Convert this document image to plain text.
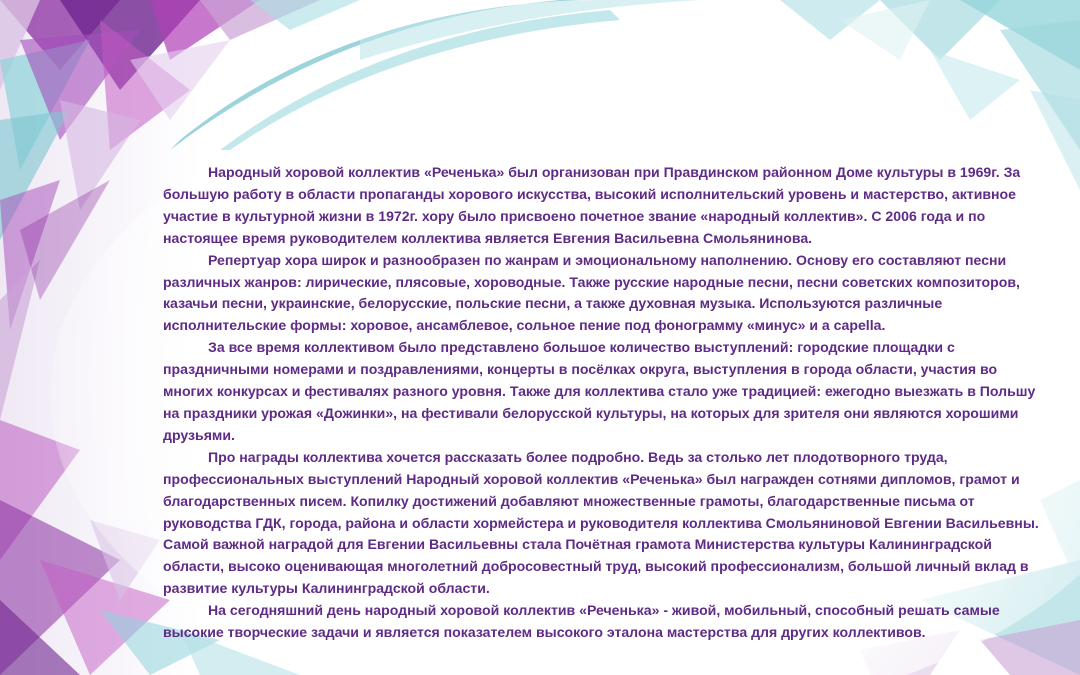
Народный хоровой коллектив «Реченька» был организован при Правдинском районном Доме культуры в 1969г. За большую работу в области пропаганды хорового искусства, высокий исполнительский уровень и мастерство, активное участие в культурной жизни в 1972г. хору было присвоено почетное звание «народный коллектив». С 2006 года и по настоящее время руководителем коллектива является Евгения Васильевна Смольянинова.

Репертуар хора широк и разнообразен по жанрам и эмоциональному наполнению. Основу его составляют песни различных жанров: лирические, плясовые, хороводные. Также русские народные песни, песни советских композиторов, казачьи песни, украинские, белорусские, польские песни, а также духовная музыка. Используются различные исполнительские формы: хоровое, ансамблевое, сольное пение под фонограмму «минус» и а capella.

За все время коллективом было представлено большое количество выступлений: городские площадки с праздничными номерами и поздравлениями, концерты в посёлках округа, выступления в города области, участия во многих конкурсах и фестивалях разного уровня. Также для коллектива стало уже традицией: ежегодно выезжать в Польшу на праздники урожая «Дожинки», на фестивали белорусской культуры, на которых для зрителя они являются хорошими друзьями.

Про награды коллектива хочется рассказать более подробно. Ведь за столько лет плодотворного труда, профессиональных выступлений Народный хоровой коллектив «Реченька» был награжден сотнями дипломов, грамот и благодарственных писем. Копилку достижений добавляют множественные грамоты, благодарственные письма от руководства ГДК, города, района и области хормейстера и руководителя коллектива Смольяниновой Евгении Васильевны. Самой важной наградой для Евгении Васильевны стала Почётная грамота Министерства культуры Калининградской области, высоко оценивающая многолетний добросовестный труд, высокий профессионализм, большой личный вклад в развитие культуры Калининградской области.

На сегодняшний день народный хоровой коллектив «Реченька» - живой, мобильный, способный решать самые высокие творческие задачи и является показателем высокого эталона мастерства для других коллективов.
